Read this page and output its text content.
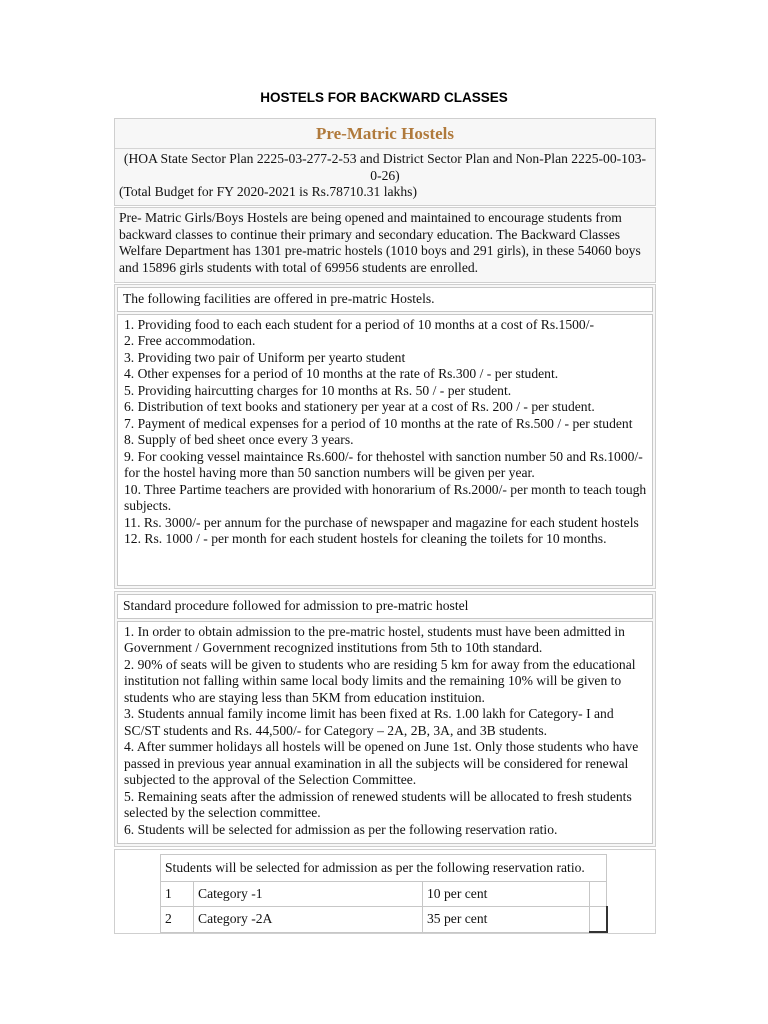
HOSTELS FOR BACKWARD CLASSES
Pre-Matric Hostels
(HOA State Sector Plan 2225-03-277-2-53 and District Sector Plan and Non-Plan 2225-00-103-0-26)
(Total Budget for FY 2020-2021 is Rs.78710.31 lakhs)
Pre- Matric Girls/Boys Hostels are being opened and maintained to encourage students from backward classes to continue their primary and secondary education. The Backward Classes Welfare Department has 1301 pre-matric hostels (1010 boys and 291 girls), in these 54060 boys and 15896 girls students with total of 69956 students are enrolled.
The following facilities are offered in pre-matric Hostels.
1. Providing food to each each student for a period of 10 months at a cost of Rs.1500/-
2. Free accommodation.
3. Providing two pair of Uniform per yearto student
4. Other expenses for a period of 10 months at the rate of Rs.300 / - per student.
5. Providing haircutting charges for 10 months at Rs. 50 / - per student.
6. Distribution of text books and stationery per year at a cost of Rs. 200 / - per student.
7. Payment of medical expenses for a period of 10 months at the rate of Rs.500 / - per student
8. Supply of bed sheet once every 3 years.
9. For cooking vessel maintaince Rs.600/- for thehostel with sanction number 50 and Rs.1000/- for the hostel having more than 50 sanction numbers will be given per year.
10. Three Partime teachers are provided with honorarium of Rs.2000/- per month to teach tough subjects.
11. Rs. 3000/- per annum for the purchase of newspaper and magazine for each student hostels
12. Rs. 1000 / - per month for each student hostels for cleaning the toilets for 10 months.
Standard procedure followed for admission to pre-matric hostel
1. In order to obtain admission to the pre-matric hostel, students must have been admitted in Government / Government recognized institutions from 5th to 10th standard.
2. 90% of seats will be given to students who are residing 5 km for away from the educational institution not falling within same local body limits and the remaining 10% will be given to students who are staying less than 5KM from education instituion.
3. Students annual family income limit has been fixed at Rs. 1.00 lakh for Category- I and SC/ST students and Rs. 44,500/- for Category – 2A, 2B, 3A, and 3B students.
4. After summer holidays all hostels will be opened on June 1st. Only those students who have passed in previous year annual examination in all the subjects will be considered for renewal subjected to the approval of the Selection Committee.
5. Remaining seats after the admission of renewed students will be allocated to fresh students selected by the selection committee.
6. Students will be selected for admission as per the following reservation ratio.
Students will be selected for admission as per the following reservation ratio.			
1	Category -1	10 per cent	
2	Category -2A	35 per cent	
